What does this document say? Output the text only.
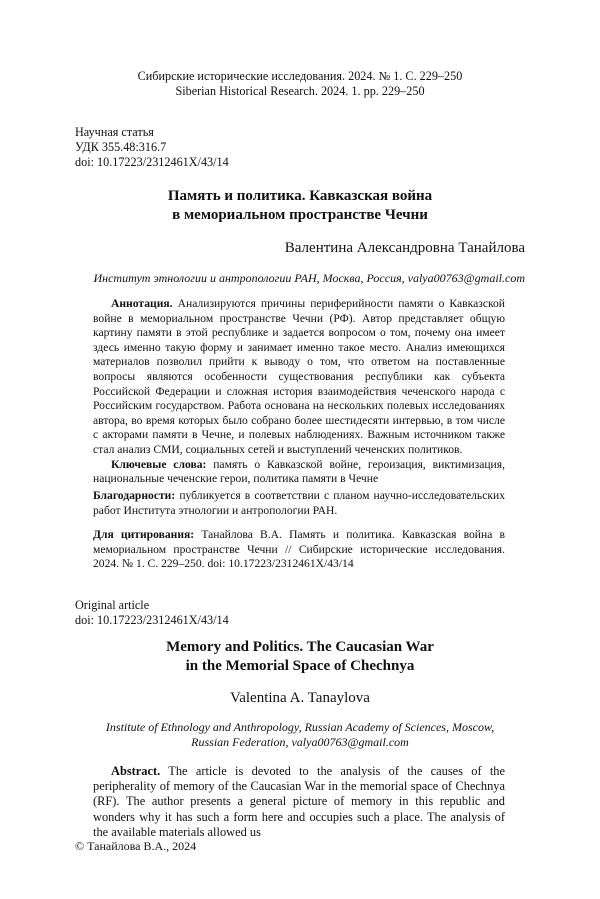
Сибирские исторические исследования. 2024. № 1. С. 229–250
Siberian Historical Research. 2024. 1. pp. 229–250
Научная статья
УДК 355.48:316.7
doi: 10.17223/2312461X/43/14
Память и политика. Кавказская война
в мемориальном пространстве Чечни
Валентина Александровна Танайлова
Институт этнологии и антропологии РАН, Москва, Россия, valya00763@gmail.com

Аннотация. Анализируются причины периферийности памяти о Кавказской войне в мемориальном пространстве Чечни (РФ). Автор представляет общую картину памяти в этой республике и задается вопросом о том, почему она имеет здесь именно такую форму и занимает именно такое место. Анализ имеющихся материалов позволил прийти к выводу о том, что ответом на поставленные вопросы являются особенности существования республики как субъекта Российской Федерации и сложная история взаимодействия чеченского народа с Российским государством. Работа основана на нескольких полевых исследованиях автора, во время которых было собрано более шестидесяти интервью, в том числе с акторами памяти в Чечне, и полевых наблюдениях. Важным источником также стал анализ СМИ, социальных сетей и выступлений чеченских политиков.

Ключевые слова: память о Кавказской войне, героизация, виктимизация, национальные чеченские герои, политика памяти в Чечне

Благодарности: публикуется в соответствии с планом научно-исследовательских работ Института этнологии и антропологии РАН.

Для цитирования: Танайлова В.А. Память и политика. Кавказская война в мемориальном пространстве Чечни // Сибирские исторические исследования. 2024. № 1. С. 229–250. doi: 10.17223/2312461X/43/14

Original article
doi: 10.17223/2312461X/43/14
Memory and Politics. The Caucasian War
in the Memorial Space of Chechnya
Valentina A. Tanaylova
Institute of Ethnology and Anthropology, Russian Academy of Sciences, Moscow,
Russian Federation, valya00763@gmail.com

Abstract. The article is devoted to the analysis of the causes of the peripherality of memory of the Caucasian War in the memorial space of Chechnya (RF). The author presents a general picture of memory in this republic and wonders why it has such a form here and occupies such a place. The analysis of the available materials allowed us

© Танайлова В.А., 2024
